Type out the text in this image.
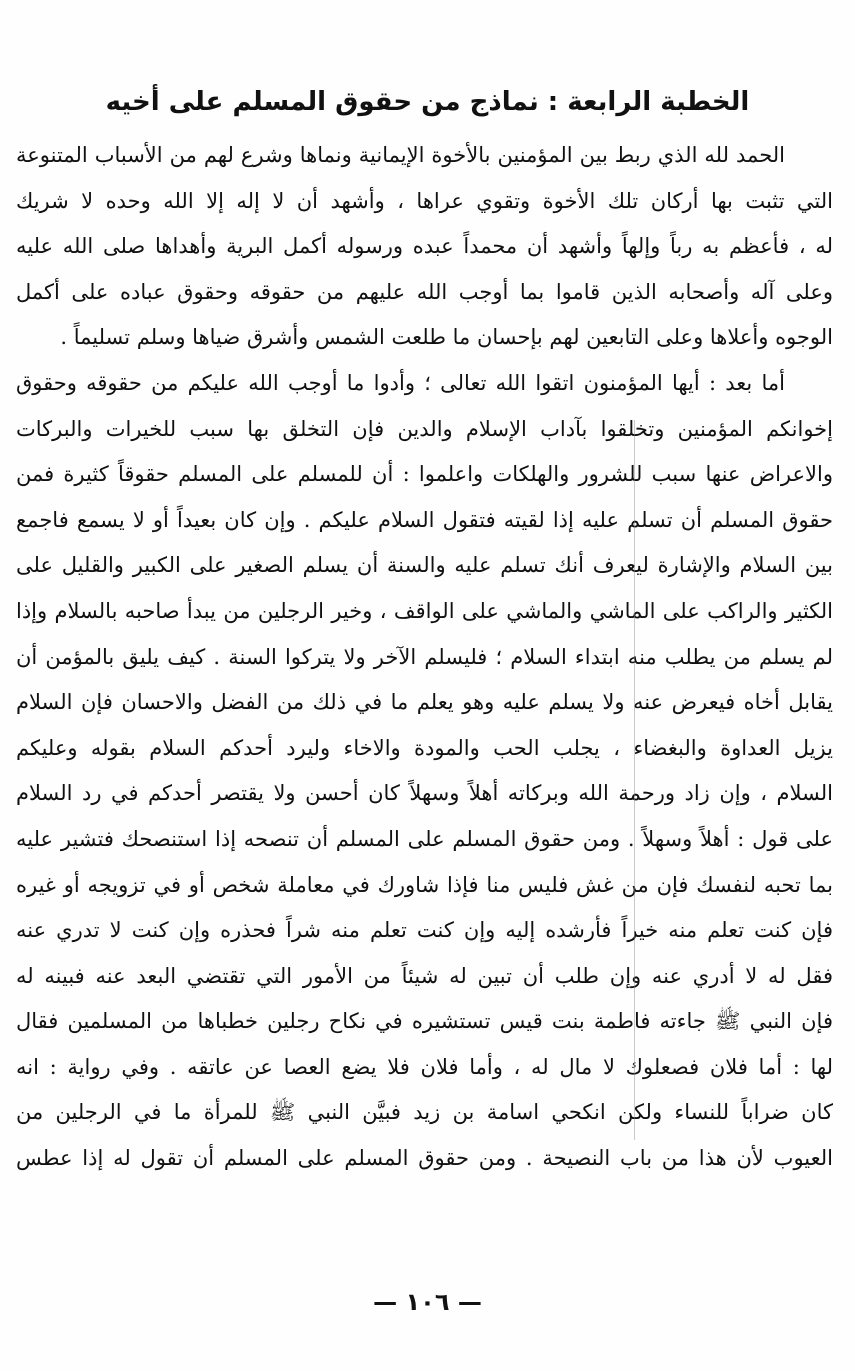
الخطبة الرابعة : نماذج من حقوق المسلم على أخيه
الحمد لله الذي ربط بين المؤمنين بالأخوة الإيمانية ونماها وشرع لهم من الأسباب المتنوعة
التي تثبت بها أركان تلك الأخوة وتقوي عراها ، وأشهد أن لا إله إلا الله وحده لا شريك
له ، فأعظم به رباً وإلهاً وأشهد أن محمداً عبده ورسوله أكمل البرية وأهداها صلى الله عليه
وعلى آله وأصحابه الذين قاموا بما أوجب الله عليهم من حقوقه وحقوق عباده على أكمل
الوجوه وأعلاها وعلى التابعين لهم بإحسان ما طلعت الشمس وأشرق ضياها وسلم تسليماً .
أما بعد : أيها المؤمنون اتقوا الله تعالى ؛ وأدوا ما أوجب الله عليكم من حقوقه وحقوق
إخوانكم المؤمنين وتخلقوا بآداب الإسلام والدين فإن التخلق بها سبب للخيرات والبركات
والاعراض عنها سبب للشرور والهلكات واعلموا : أن للمسلم على المسلم حقوقاً كثيرة فمن
حقوق المسلم أن تسلم عليه إذا لقيته فتقول السلام عليكم . وإن كان بعيداً أو لا يسمع فاجمع
بين السلام والإشارة ليعرف أنك تسلم عليه والسنة أن يسلم الصغير على الكبير والقليل على
الكثير والراكب على الماشي والماشي على الواقف ، وخير الرجلين من يبدأ صاحبه بالسلام وإذا
لم يسلم من يطلب منه ابتداء السلام ؛ فليسلم الآخر ولا يتركوا السنة . كيف يليق بالمؤمن أن
يقابل أخاه فيعرض عنه ولا يسلم عليه وهو يعلم ما في ذلك من الفضل والاحسان فإن السلام
يزيل العداوة والبغضاء ، يجلب الحب والمودة والاخاء وليرد أحدكم السلام بقوله وعليكم
السلام ، وإن زاد ورحمة الله وبركاته أهلاً وسهلاً كان أحسن ولا يقتصر أحدكم في رد السلام
على قول : أهلاً وسهلاً . ومن حقوق المسلم على المسلم أن تنصحه إذا استنصحك فتشير عليه
بما تحبه لنفسك فإن من غش فليس منا فإذا شاورك في معاملة شخص أو في تزويجه أو غيره
فإن كنت تعلم منه خيراً فأرشده إليه وإن كنت تعلم منه شراً فحذره وإن كنت لا تدري عنه
فقل له لا أدري عنه وإن طلب أن تبين له شيئاً من الأمور التي تقتضي البعد عنه فبينه له
فإن النبي ﷺ جاءته فاطمة بنت قيس تستشيره في نكاح رجلين خطباها من المسلمين فقال
لها : أما فلان فصعلوك لا مال له ، وأما فلان فلا يضع العصا عن عاتقه . وفي رواية : انه
كان ضراباً للنساء ولكن انكحي اسامة بن زيد فبيَّن النبي ﷺ للمرأة ما في الرجلين من
العيوب لأن هذا من باب النصيحة . ومن حقوق المسلم على المسلم أن تقول له إذا عطس
— ١٠٦ —
